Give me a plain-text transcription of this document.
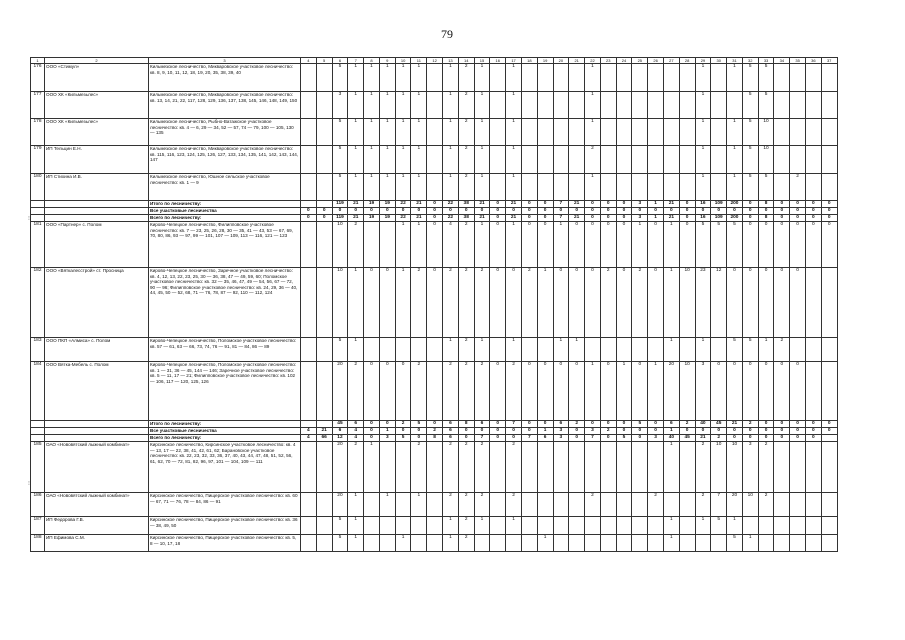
79
⁝
⁝
1	2	3	4	5	6	7	8	9	10	11	12	13	14	15	16	17	18	19	20	21	22	23	24	25	26	27	28	29	30	31	32	33	34	35	36	37	
176	ООО «Стимул»	Кильмезское лесничество, Микваровское участковое лесничество: кв. 8, 9, 10, 11, 12, 18, 19, 20, 35, 38, 39, 40			5	1	1	1	1	1		1	2	1		1					1							1		1	5	5							
177	ООО ХК «Кильмезьлес»	Кильмезское лесничество, Микваровское участковое лесничество: кв. 13, 14, 21, 22, 117, 128, 129, 136, 137, 138, 145, 146, 148, 149, 150			3	1	1	1	1	1		1	2	1		1					1							1			5	5							
178	ООО ХК «Кильмезьлес»	Кильмезское лесничество, Рыбно-Ватажское участковое лесничество: кв. 4 — 6, 29 — 34, 52 — 57, 74 — 79, 100 — 105, 130 — 135			5	1	1	1	1	1		1	2	1		1					1							1		1	5	10							
179	ИП Тельцин Е.Н.	Кильмезское лесничество, Микваровское участковое лесничество: кв. 115, 116, 123, 124, 125, 126, 127, 133, 134, 135, 141, 142, 143, 144, 147			5	1	1	1	1	1		1	2	1		1					2							1		1	5	10							
180	ИП Стихина И.В.	Кильмезское лесничество, Юшное сельское участковое лесничество: кв. 1 — 9			5	1	1	1	1	1		1	2	1		1					1							1		1	5	5		2					
		Итого по лесничеству:			119	21	19	19	22	21	0	22	38	21	0	21	0	0	7	21	0	0	0	3	1	21	0	16	109	200	0	8	0	0	0	0			
		Все участковые лесничества	0	0	0	0	0	0	0	0	0	0	0	0	0	0	0	0	0	0	0	0	0	0	0	0	0	0	0	0	0	0	0	0	0	0			
		Всего по лесничеству:	0	0	119	21	19	19	22	21	0	22	38	21	0	21	0	0	7	21	0	0	0	3	1	21	0	16	109	200	0	8	0	0	0	0			
181	ООО «Партнер» с. Полом	Кирово-Чепецкое лесничество, Филипповское участковое лесничество: кв. 7 — 23, 25, 26, 28, 30 — 35, 41 — 43, 53 — 67, 69, 70, 80, 86, 93 — 97, 99 — 101, 107 — 109, 113 — 116, 121 — 123			10	2			1	1	0	4	2	1	0	1	0	0	1	0	0	0	0	1	0	1	0	5	5	5	0	0	0	0	0	0			
182	ООО «Вяткалесстрой» ст. Просница	Кирово-Чепецкое лесничество, Заречное участковое лесничество: кв. 4, 12, 13, 22, 23, 25, 30 — 36, 38, 47 — 49, 59, 60; Поломское участковое лесничество: кв. 32 — 35, 46, 47, 49 — 54, 56, 67 — 72, 90 — 96; Филипповское участковое лесничество: кв. 24, 29, 36 — 40, 44, 45, 50 — 52, 68, 71 — 76, 78, 87 — 92, 110 — 112, 124			10	1	0	0	1	2	0	2	2	2	0	0	2	1	0	0	0	2	0	2	0	1	10	23	12	0	0	0	0	0					
183	ООО ПКП «Алмиса» с. Полом	Кирово-Чепецкое лесничество, Поломское участковое лесничество: кв. 57 — 61, 63 — 66, 73, 74, 76 — 91, 81 — 84, 86 — 89			5	1						1	2	1		1			1	1						1		1		5	5	1	2						
184	ООО Вятка-Мебель с. Полом	Кирово-Чепецкое лесничество, Поломское участковое лесничество: кв. 1 — 31, 36 — 45, 144 — 146; Заречное участковое лесничество: кв. 5 — 11, 17 — 21; Филипповское участковое лесничество: кв. 102 — 106, 117 — 120, 125, 126			20	2	0	0	0	2		2	2	2	0	2	0	0	0	0	1	0	1	0	1	20	10	3	0	0	0	0	0	0					
		Итого по лесничеству:			45	6	0	0	2	5	0	6	8	6	0	7	0	0	6	2	0	0	0	5	0	6	2	40	45	21	2	0	0	0	0	0			
		Все участковые лесничества	4	21	6	4	0	1	0	0	2	6	0	0	0	0	0	1	3	0	3	2	0	0	0	1	0	0	0	0	0	0	0	0	0	0			
		Всего по лесничеству:	4	66	12	4	0	3	5	0	8	6	0	7	0	0	7	6	3	0	7	0	5	0	3	40	45	21	2	0	0	0	0	0	0				
185	ОАО «Нововятский лыжный комбинат»	Кирсинское лесничество, Кирсинское участковое лесничество: кв. 4 — 13, 17 — 22, 38, 41, 42, 61, 62; Барановское участковое лесничество: кв. 22, 23, 32, 33, 36, 37, 40, 43, 44, 47, 48, 51, 52, 56, 61, 62, 70 — 72, 81, 82, 96, 97, 101 — 104, 109 — 111			20	2	1			2		2	2	2		2										1		2	10	10	3	2							
186	ОАО «Нововятский лыжный комбинат»	Кирсинское лесничество, Пищерское участковое лесничество: кв. 60 — 67, 71 — 76, 78 — 84, 86 — 91			20	1		1		1		2	2	2		2					2				2			2	7	20	10	2							
187	ИП Федорова Г.В.	Кирсинское лесничество, Пищерское участковое лесничество: кв. 36 — 38, 49, 50			5	1						1	2	1		1										1		1	5	1									
188	ИП Ефимова С.М.	Кирсинское лесничество, Пищерское участковое лесничество: кв. 5, 8 — 10, 17, 18			5	1			1			1	2					1								1				5	1								
